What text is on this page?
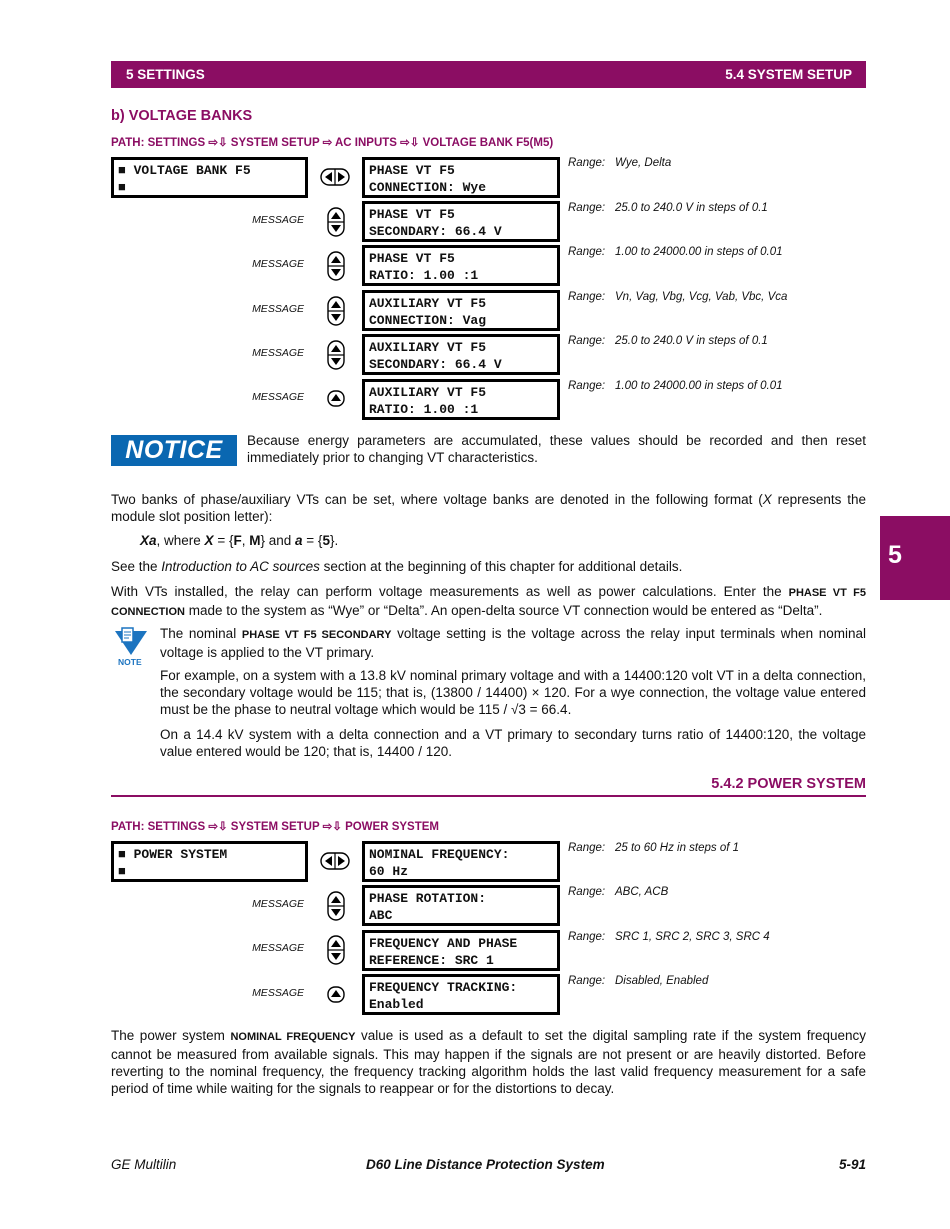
5 SETTINGS	5.4 SYSTEM SETUP
5
b) VOLTAGE BANKS
PATH: SETTINGS ⇨⇩ SYSTEM SETUP ⇨ AC INPUTS ⇨⇩ VOLTAGE BANK F5(M5)
■ VOLTAGE BANK F5
■
PHASE VT F5
CONNECTION: Wye
Range: Wye, Delta
MESSAGE	PHASE VT F5
SECONDARY: 66.4 V
Range: 25.0 to 240.0 V in steps of 0.1
MESSAGE	PHASE VT F5
RATIO: 1.00 :1
Range: 1.00 to 24000.00 in steps of 0.01
MESSAGE	AUXILIARY VT F5
CONNECTION: Vag
Range: Vn, Vag, Vbg, Vcg, Vab, Vbc, Vca
MESSAGE	AUXILIARY VT F5
SECONDARY: 66.4 V
Range: 25.0 to 240.0 V in steps of 0.1
MESSAGE	AUXILIARY VT F5
RATIO: 1.00 :1
Range: 1.00 to 24000.00 in steps of 0.01
NOTICE	Because energy parameters are accumulated, these values should be recorded and then reset immediately prior to changing VT characteristics.
Two banks of phase/auxiliary VTs can be set, where voltage banks are denoted in the following format (X represents the module slot position letter):
Xa, where X = {F, M} and a = {5}.
See the Introduction to AC sources section at the beginning of this chapter for additional details.
With VTs installed, the relay can perform voltage measurements as well as power calculations. Enter the PHASE VT F5 CONNECTION made to the system as “Wye” or “Delta”. An open-delta source VT connection would be entered as “Delta”.
NOTE
The nominal PHASE VT F5 SECONDARY voltage setting is the voltage across the relay input terminals when nominal voltage is applied to the VT primary.
For example, on a system with a 13.8 kV nominal primary voltage and with a 14400:120 volt VT in a delta connection, the secondary voltage would be 115; that is, (13800 / 14400) × 120. For a wye connection, the voltage value entered must be the phase to neutral voltage which would be 115 / √3 = 66.4.
On a 14.4 kV system with a delta connection and a VT primary to secondary turns ratio of 14400:120, the voltage value entered would be 120; that is, 14400 / 120.
5.4.2 POWER SYSTEM
PATH: SETTINGS ⇨⇩ SYSTEM SETUP ⇨⇩ POWER SYSTEM
■ POWER SYSTEM
■
NOMINAL FREQUENCY:
60 Hz
Range: 25 to 60 Hz in steps of 1
MESSAGE	PHASE ROTATION:
ABC
Range: ABC, ACB
MESSAGE	FREQUENCY AND PHASE
REFERENCE: SRC 1
Range: SRC 1, SRC 2, SRC 3, SRC 4
MESSAGE	FREQUENCY TRACKING:
Enabled
Range: Disabled, Enabled
The power system NOMINAL FREQUENCY value is used as a default to set the digital sampling rate if the system frequency cannot be measured from available signals. This may happen if the signals are not present or are heavily distorted. Before reverting to the nominal frequency, the frequency tracking algorithm holds the last valid frequency measurement for a safe period of time while waiting for the signals to reappear or for the distortions to decay.
GE Multilin	D60 Line Distance Protection System	5-91
